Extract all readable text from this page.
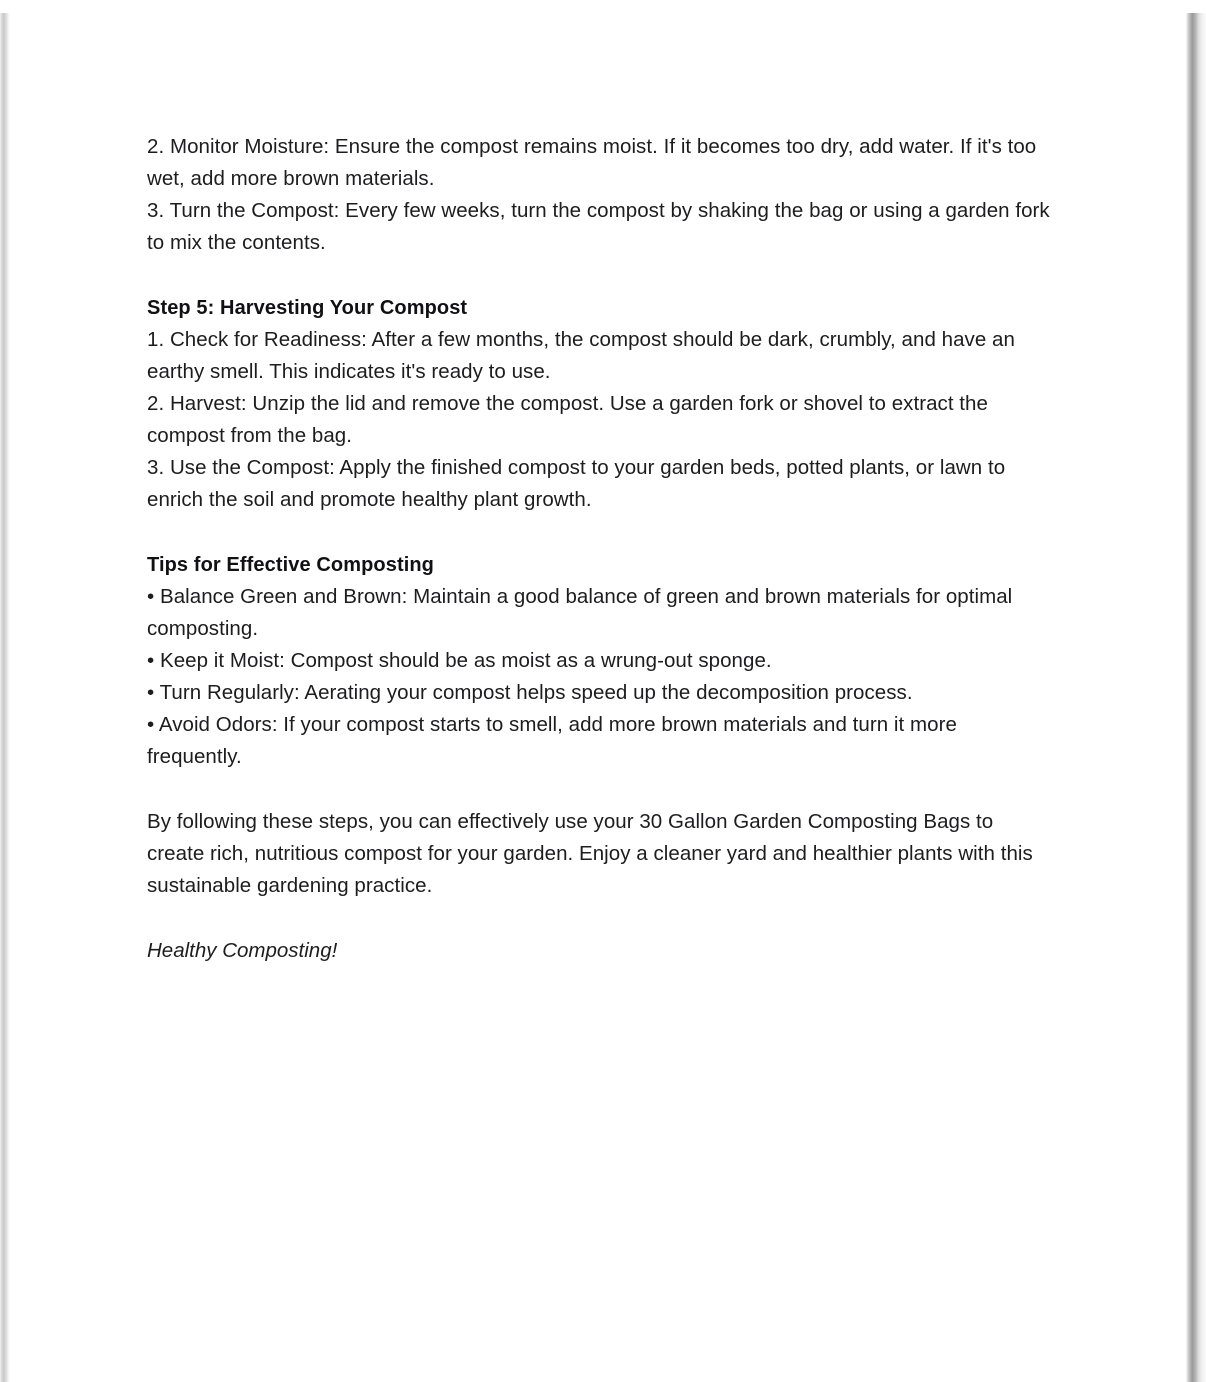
2. Monitor Moisture: Ensure the compost remains moist. If it becomes too dry, add water. If it's too wet, add more brown materials.
3. Turn the Compost: Every few weeks, turn the compost by shaking the bag or using a garden fork to mix the contents.
Step 5: Harvesting Your Compost
1. Check for Readiness: After a few months, the compost should be dark, crumbly, and have an earthy smell. This indicates it's ready to use.
2. Harvest: Unzip the lid and remove the compost. Use a garden fork or shovel to extract the compost from the bag.
3. Use the Compost: Apply the finished compost to your garden beds, potted plants, or lawn to enrich the soil and promote healthy plant growth.
Tips for Effective Composting
• Balance Green and Brown: Maintain a good balance of green and brown materials for optimal composting.
• Keep it Moist: Compost should be as moist as a wrung-out sponge.
• Turn Regularly: Aerating your compost helps speed up the decomposition process.
• Avoid Odors: If your compost starts to smell, add more brown materials and turn it more frequently.
By following these steps, you can effectively use your 30 Gallon Garden Composting Bags to create rich, nutritious compost for your garden. Enjoy a cleaner yard and healthier plants with this sustainable gardening practice.
Healthy Composting!
